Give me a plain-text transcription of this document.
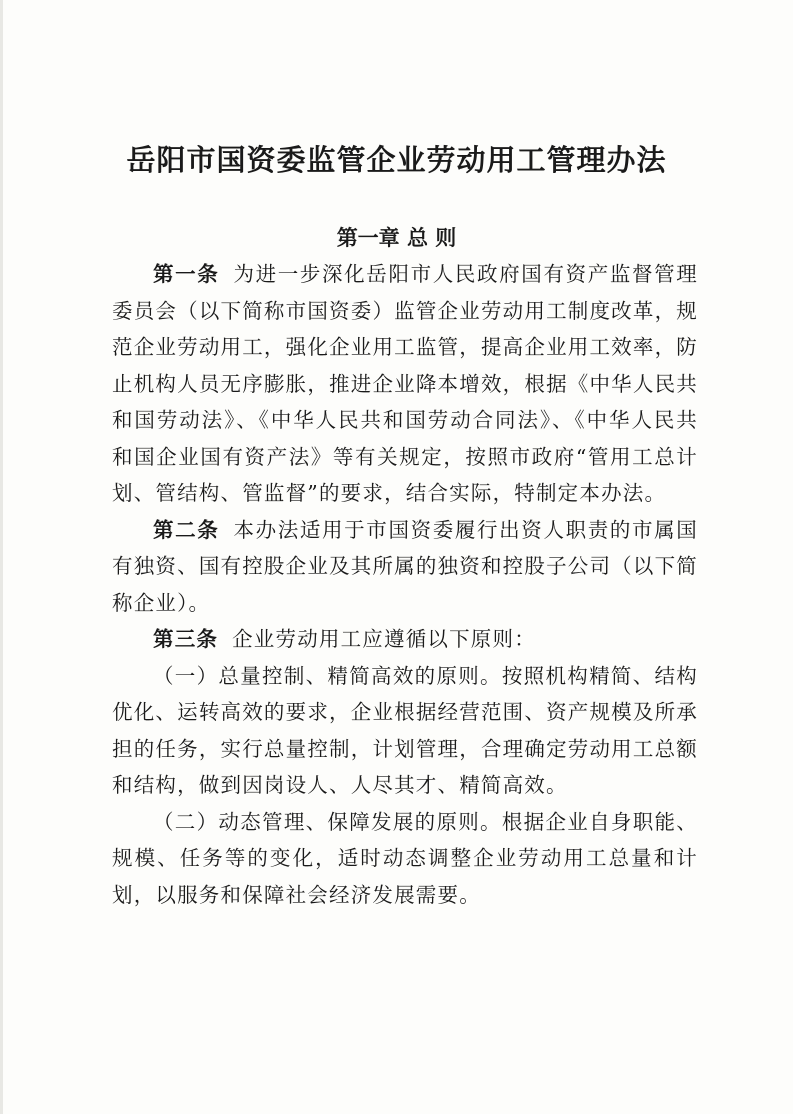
岳阳市国资委监管企业劳动用工管理办法
第一章 总 则

第一条 为进一步深化岳阳市人民政府国有资产监督管理委员会（以下简称市国资委）监管企业劳动用工制度改革，规范企业劳动用工，强化企业用工监管，提高企业用工效率，防止机构人员无序膨胀，推进企业降本增效，根据《中华人民共和国劳动法》、《中华人民共和国劳动合同法》、《中华人民共和国企业国有资产法》等有关规定，按照市政府“管用工总计划、管结构、管监督”的要求，结合实际，特制定本办法。

第二条 本办法适用于市国资委履行出资人职责的市属国有独资、国有控股企业及其所属的独资和控股子公司（以下简称企业）。

第三条 企业劳动用工应遵循以下原则：

（一）总量控制、精简高效的原则。按照机构精简、结构优化、运转高效的要求，企业根据经营范围、资产规模及所承担的任务，实行总量控制，计划管理，合理确定劳动用工总额和结构，做到因岗设人、人尽其才、精简高效。

（二）动态管理、保障发展的原则。根据企业自身职能、规模、任务等的变化，适时动态调整企业劳动用工总量和计划，以服务和保障社会经济发展需要。
